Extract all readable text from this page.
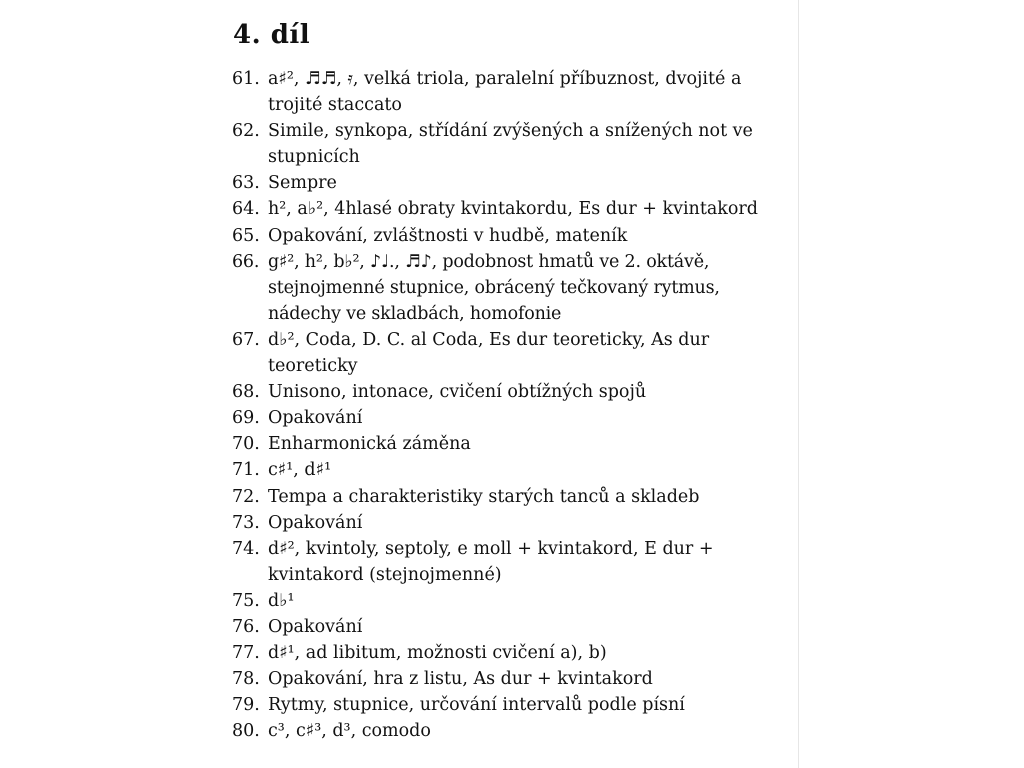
4. díl
61. a♯², ♬♬, 𝄿, velká triola, paralelní příbuznost, dvojité a trojité staccato
62. Simile, synkopa, střídání zvýšených a snížených not ve stupnicích
63. Sempre
64. h², a♭², 4hlasé obraty kvintakordu, Es dur + kvintakord
65. Opakování, zvláštnosti v hudbě, mateník
66. g♯², h², b♭², ♪♩., ♬♪, podobnost hmatů ve 2. oktávě, stejnojmenné stupnice, obrácený tečkovaný rytmus, nádechy ve skladbách, homofonie
67. d♭², Coda, D. C. al Coda, Es dur teoreticky, As dur teoreticky
68. Unisono, intonace, cvičení obtížných spojů
69. Opakování
70. Enharmonická záměna
71. c♯¹, d♯¹
72. Tempa a charakteristiky starých tanců a skladeb
73. Opakování
74. d♯², kvintoly, septoly, e moll + kvintakord, E dur + kvintakord (stejnojmenné)
75. d♭¹
76. Opakování
77. d♯¹, ad libitum, možnosti cvičení a), b)
78. Opakování, hra z listu, As dur + kvintakord
79. Rytmy, stupnice, určování intervalů podle písní
80. c³, c♯³, d³, comodo
